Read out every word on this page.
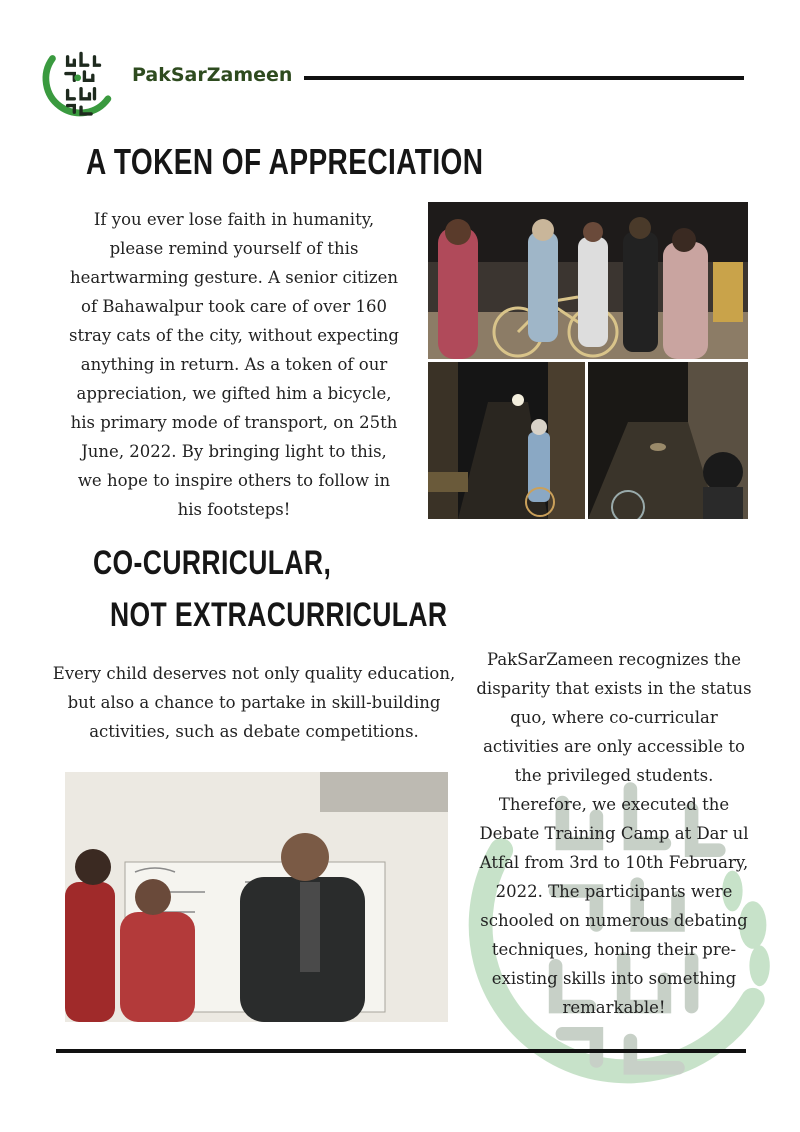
PakSarZameen
A TOKEN OF APPRECIATION
If you ever lose faith in humanity,
please remind yourself of this
heartwarming gesture. A senior citizen
of Bahawalpur took care of over 160
stray cats of the city, without expecting
anything in return. As a token of our
appreciation, we gifted him a bicycle,
his primary mode of transport, on 25th
June, 2022. By bringing light to this,
we hope to inspire others to follow in
his footsteps!
CO-CURRICULAR,
NOT EXTRACURRICULAR
Every child deserves not only quality education,
but also a chance to partake in skill-building
activities, such as debate competitions.
PakSarZameen recognizes the
disparity that exists in the status
quo, where co-curricular
activities are only accessible to
the privileged students.
Therefore, we executed the
Debate Training Camp at Dar ul
Atfal from 3rd to 10th February,
2022. The participants were
schooled on numerous debating
techniques, honing their pre-
existing skills into something
remarkable!
